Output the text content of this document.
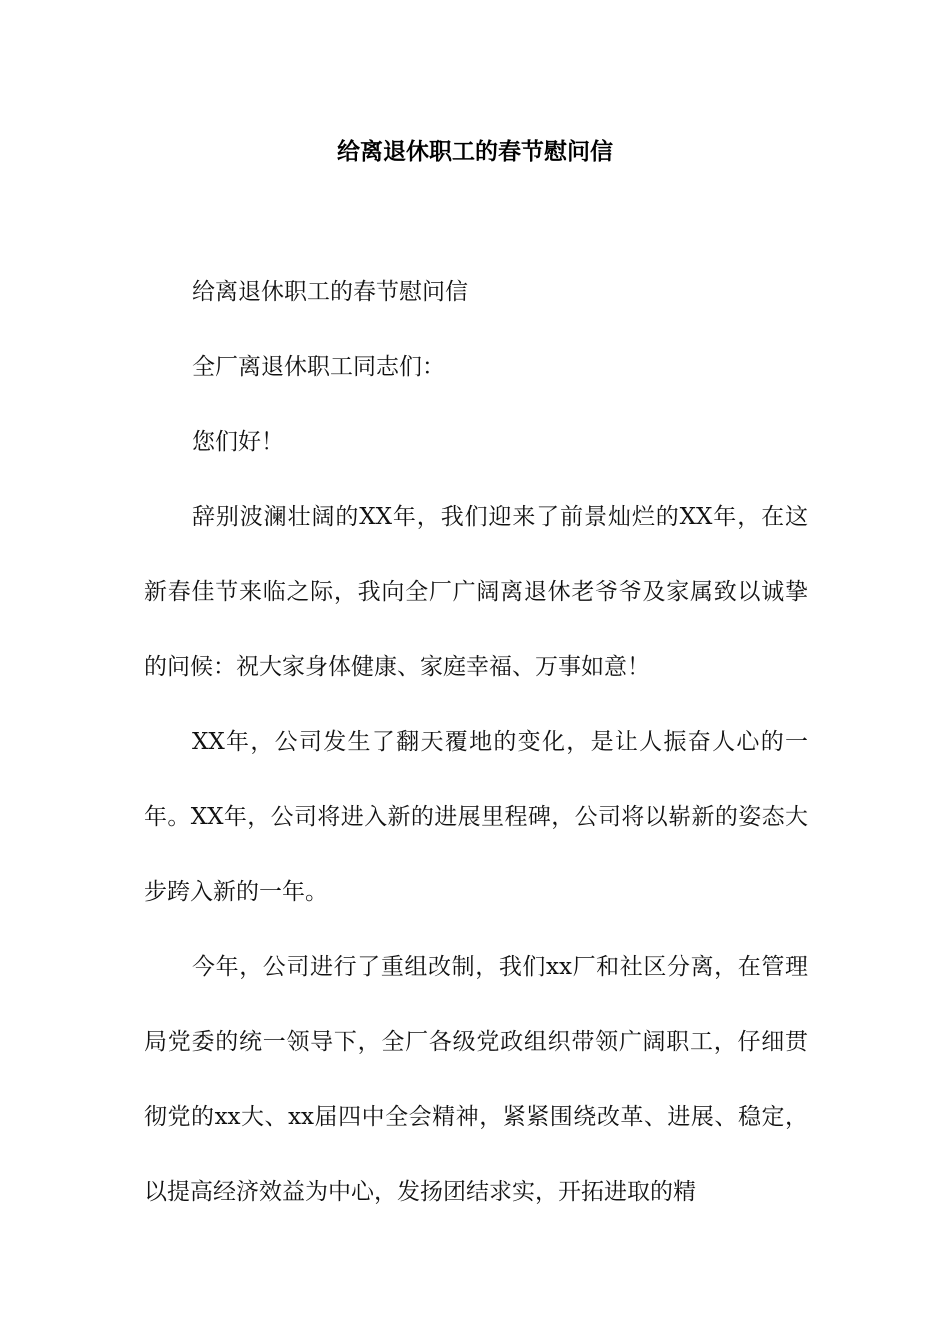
给离退休职工的春节慰问信

给离退休职工的春节慰问信

全厂离退休职工同志们：

您们好！

辞别波澜壮阔的XX年，我们迎来了前景灿烂的XX年，在这新春佳节来临之际，我向全厂广阔离退休老爷爷及家属致以诚挚的问候：祝大家身体健康、家庭幸福、万事如意！

XX年，公司发生了翻天覆地的变化，是让人振奋人心的一年。XX年，公司将进入新的进展里程碑，公司将以崭新的姿态大步跨入新的一年。

今年，公司进行了重组改制，我们xx厂和社区分离，在管理局党委的统一领导下，全厂各级党政组织带领广阔职工，仔细贯彻党的xx大、xx届四中全会精神，紧紧围绕改革、进展、稳定，以提高经济效益为中心，发扬团结求实，开拓进取的精
